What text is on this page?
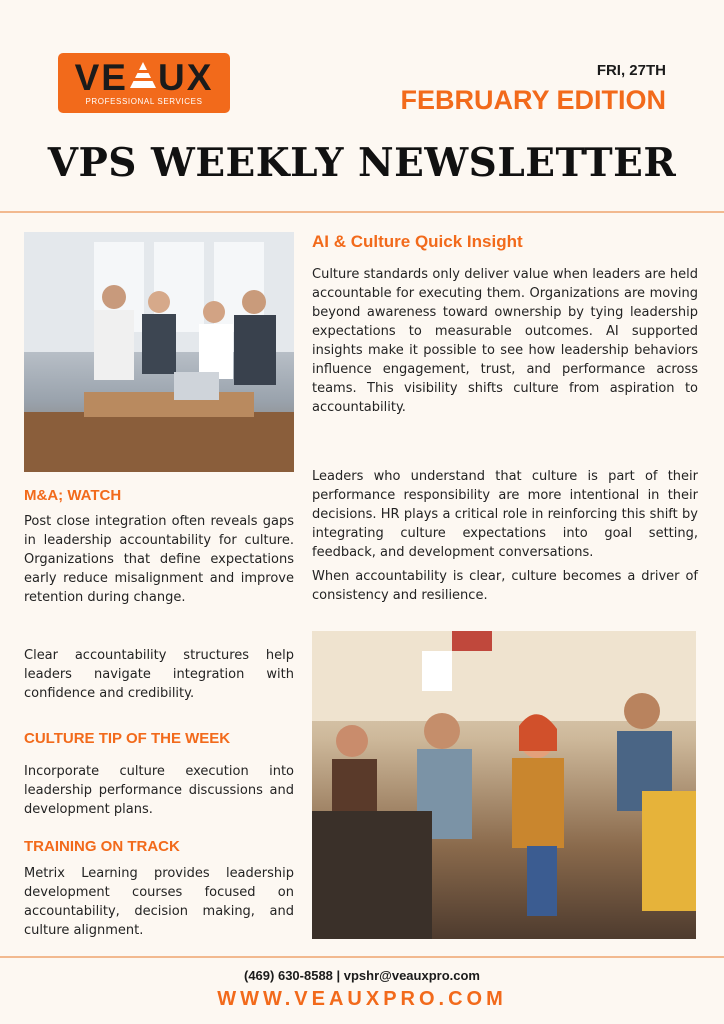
VE UX
PROFESSIONAL SERVICES
FRI, 27TH
FEBRUARY EDITION
VPS WEEKLY NEWSLETTER
M&A; WATCH
Post close integration often reveals gaps in leadership accountability for culture. Organizations that define expectations early reduce misalignment and improve retention during change.
Clear accountability structures help leaders navigate integration with confidence and credibility.
CULTURE TIP OF THE WEEK
Incorporate culture execution into leadership performance discussions and development plans.
TRAINING ON TRACK
Metrix Learning provides leadership development courses focused on accountability, decision making, and culture alignment.
AI & Culture Quick Insight
Culture standards only deliver value when leaders are held accountable for executing them. Organizations are moving beyond awareness toward ownership by tying leadership expectations to measurable outcomes. AI supported insights make it possible to see how leadership behaviors influence engagement, trust, and performance across teams. This visibility shifts culture from aspiration to accountability.
Leaders who understand that culture is part of their performance responsibility are more intentional in their decisions. HR plays a critical role in reinforcing this shift by integrating culture expectations into goal setting, feedback, and development conversations.
When accountability is clear, culture becomes a driver of consistency and resilience.
(469) 630-8588 | vpshr@veauxpro.com
WWW.VEAUXPRO.COM
